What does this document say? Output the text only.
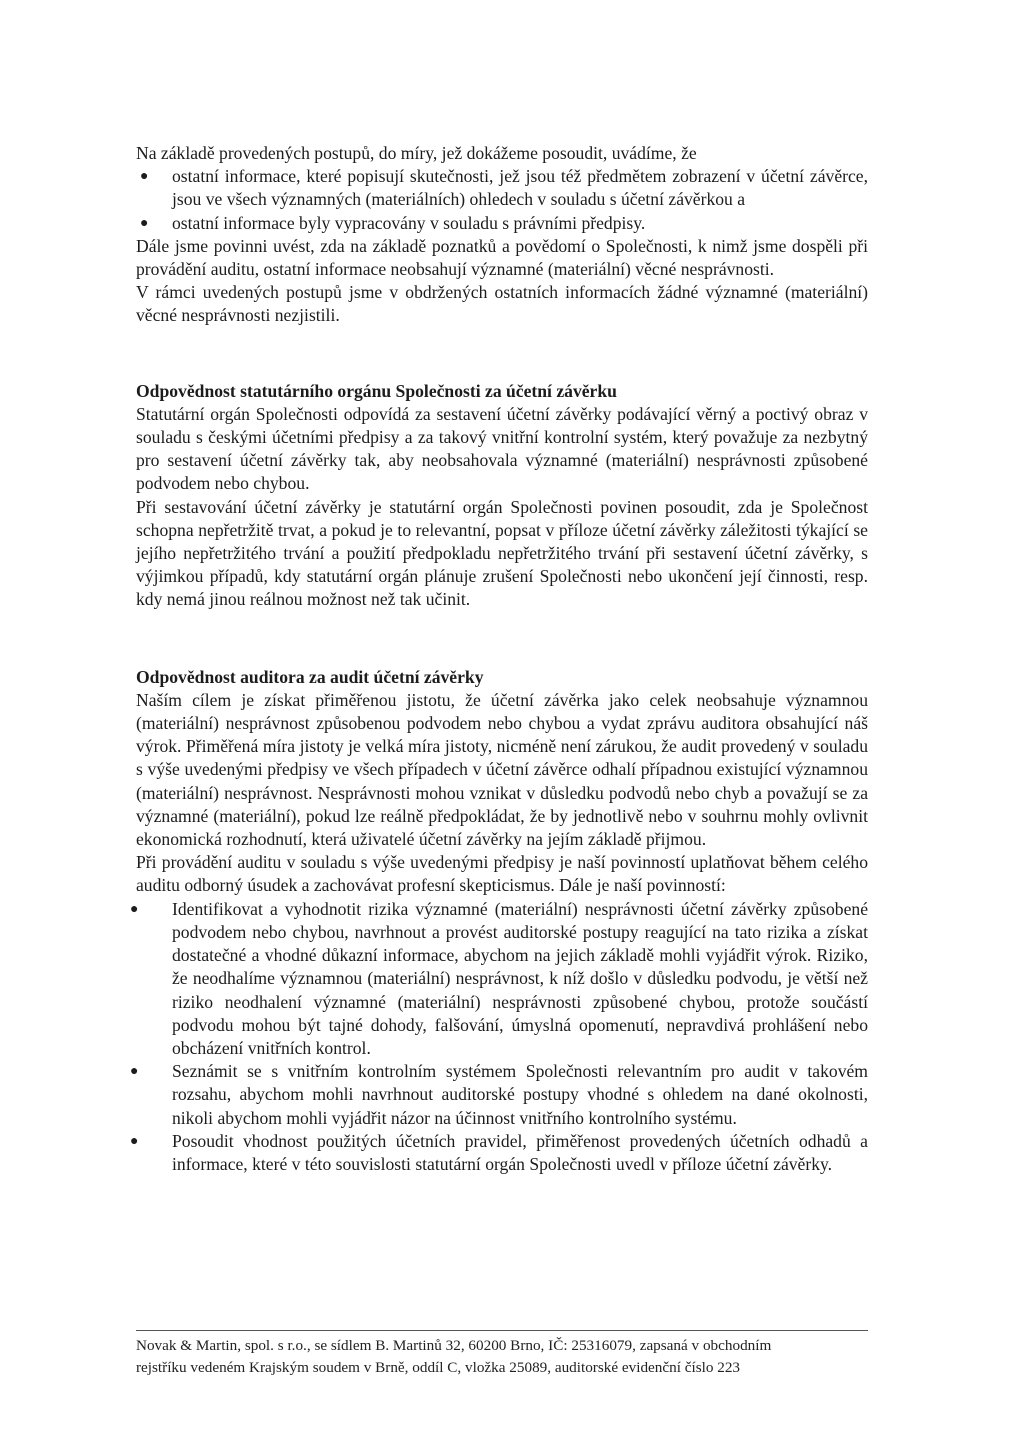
Na základě provedených postupů, do míry, jež dokážeme posoudit, uvádíme, že

● ostatní informace, které popisují skutečnosti, jež jsou též předmětem zobrazení v účetní závěrce, jsou ve všech významných (materiálních) ohledech v souladu s účetní závěrkou a
● ostatní informace byly vypracovány v souladu s právními předpisy.

Dále jsme povinni uvést, zda na základě poznatků a povědomí o Společnosti, k nimž jsme dospěli při provádění auditu, ostatní informace neobsahují významné (materiální) věcné nesprávnosti.

V rámci uvedených postupů jsme v obdržených ostatních informacích žádné významné (materiální) věcné nesprávnosti nezjistili.

Odpovědnost statutárního orgánu Společnosti za účetní závěrku

Statutární orgán Společnosti odpovídá za sestavení účetní závěrky podávající věrný a poctivý obraz v souladu s českými účetními předpisy a za takový vnitřní kontrolní systém, který považuje za nezbytný pro sestavení účetní závěrky tak, aby neobsahovala významné (materiální) nesprávnosti způsobené podvodem nebo chybou.

Při sestavování účetní závěrky je statutární orgán Společnosti povinen posoudit, zda je Společnost schopna nepřetržitě trvat, a pokud je to relevantní, popsat v příloze účetní závěrky záležitosti týkající se jejího nepřetržitého trvání a použití předpokladu nepřetržitého trvání při sestavení účetní závěrky, s výjimkou případů, kdy statutární orgán plánuje zrušení Společnosti nebo ukončení její činnosti, resp. kdy nemá jinou reálnou možnost než tak učinit.

Odpovědnost auditora za audit účetní závěrky

Naším cílem je získat přiměřenou jistotu, že účetní závěrka jako celek neobsahuje významnou (materiální) nesprávnost způsobenou podvodem nebo chybou a vydat zprávu auditora obsahující náš výrok. Přiměřená míra jistoty je velká míra jistoty, nicméně není zárukou, že audit provedený v souladu s výše uvedenými předpisy ve všech případech v účetní závěrce odhalí případnou existující významnou (materiální) nesprávnost. Nesprávnosti mohou vznikat v důsledku podvodů nebo chyb a považují se za významné (materiální), pokud lze reálně předpokládat, že by jednotlivě nebo v souhrnu mohly ovlivnit ekonomická rozhodnutí, která uživatelé účetní závěrky na jejím základě přijmou.

Při provádění auditu v souladu s výše uvedenými předpisy je naší povinností uplatňovat během celého auditu odborný úsudek a zachovávat profesní skepticismus. Dále je naší povinností:

● Identifikovat a vyhodnotit rizika významné (materiální) nesprávnosti účetní závěrky způsobené podvodem nebo chybou, navrhnout a provést auditorské postupy reagující na tato rizika a získat dostatečné a vhodné důkazní informace, abychom na jejich základě mohli vyjádřit výrok. Riziko, že neodhalíme významnou (materiální) nesprávnost, k níž došlo v důsledku podvodu, je větší než riziko neodhalení významné (materiální) nesprávnosti způsobené chybou, protože součástí podvodu mohou být tajné dohody, falšování, úmyslná opomenutí, nepravdivá prohlášení nebo obcházení vnitřních kontrol.
● Seznámit se s vnitřním kontrolním systémem Společnosti relevantním pro audit v takovém rozsahu, abychom mohli navrhnout auditorské postupy vhodné s ohledem na dané okolnosti, nikoli abychom mohli vyjádřit názor na účinnost vnitřního kontrolního systému.
● Posoudit vhodnost použitých účetních pravidel, přiměřenost provedených účetních odhadů a informace, které v této souvislosti statutární orgán Společnosti uvedl v příloze účetní závěrky.
Novak & Martin, spol. s r.o., se sídlem B. Martinů 32, 60200 Brno, IČ: 25316079, zapsaná v obchodním
rejstříku vedeném Krajským soudem v Brně, oddíl C, vložka 25089, auditorské evidenční číslo 223
